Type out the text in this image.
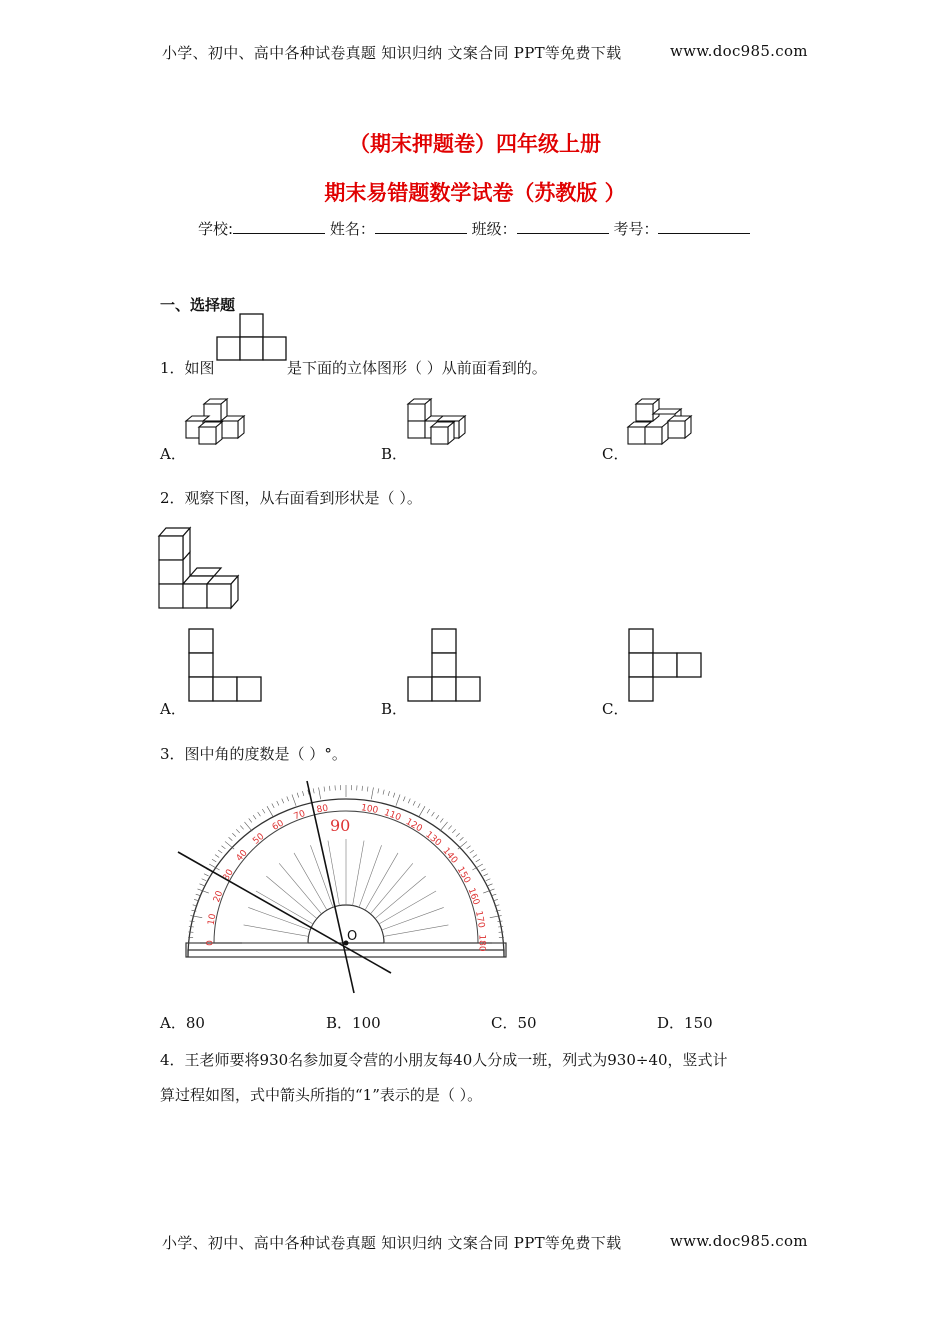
小学、初中、高中各种试卷真题 知识归纳 文案合同 PPT等免费下载	www.doc985.com
（期末押题卷）四年级上册
期末易错题数学试卷（苏教版 ）
学校:	姓名：	班级：	考号：
一、选择题
1．如图	是下面的立体图形（ ）从前面看到的。
A．	B．	C．
2．观察下图，从右面看到形状是（ ）。
A．	B．	C．
3．图中角的度数是（ ）°。
0
10
20
30
40
50
60
70 80	100 110
120
130
140
150
160
170
180
90
O
A．80	B．100	C．50	D．150
4．王老师要将930名参加夏令营的小朋友每40人分成一班，列式为930÷40，竖式计
算过程如图，式中箭头所指的“1”表示的是（ ）。
小学、初中、高中各种试卷真题 知识归纳 文案合同 PPT等免费下载	www.doc985.com
